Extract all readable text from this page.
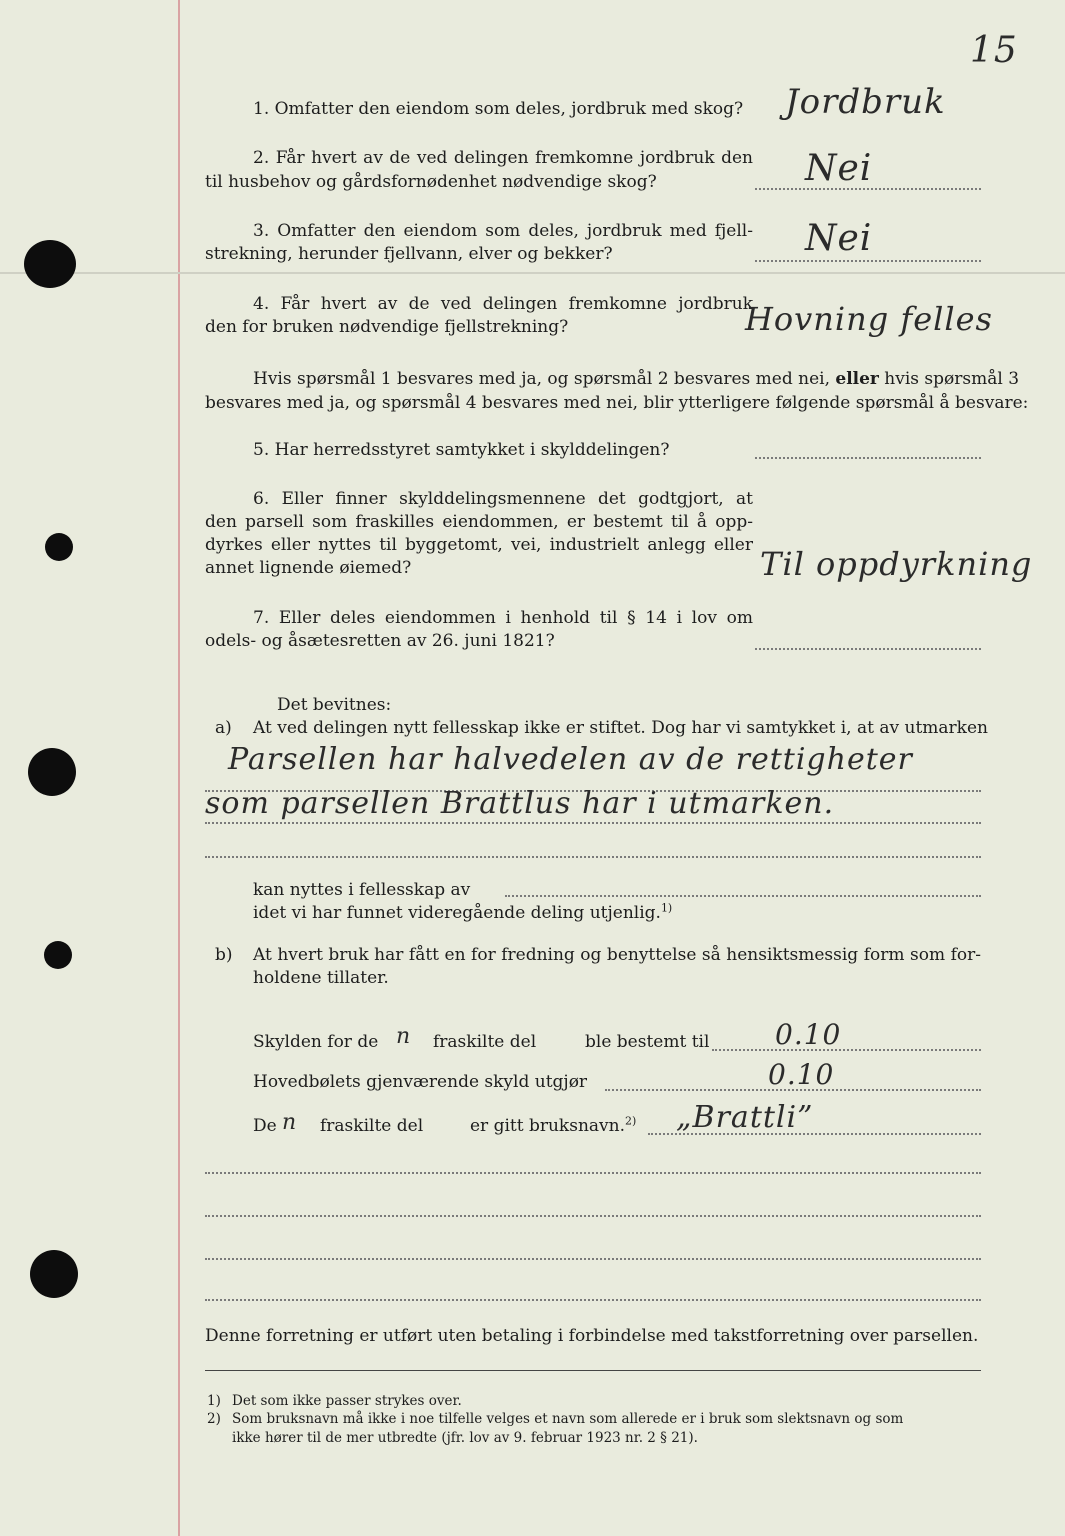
15
1. Omfatter den eiendom som deles, jordbruk med skog? Jordbruk
2. Får hvert av de ved delingen fremkomne jordbruk den
til husbehov og gårdsfornødenhet nødvendige skog?	Nei
3. Omfatter den eiendom som deles, jordbruk med fjell-
strekning, herunder fjellvann, elver og bekker?	Nei
4. Får hvert av de ved delingen fremkomne jordbruk
den for bruken nødvendige fjellstrekning?	Hovning felles
Hvis spørsmål 1 besvares med ja, og spørsmål 2 besvares med nei, eller hvis spørsmål 3
besvares med ja, og spørsmål 4 besvares med nei, blir ytterligere følgende spørsmål å besvare:
5. Har herredsstyret samtykket i skylddelingen?
6. Eller finner skylddelingsmennene det godtgjort, at
den parsell som fraskilles eiendommen, er bestemt til å opp-
dyrkes eller nyttes til byggetomt, vei, industrielt anlegg eller
annet lignende øiemed?	Til oppdyrkning
7. Eller deles eiendommen i henhold til § 14 i lov om
odels- og åsætesretten av 26. juni 1821?
Det bevitnes:
a) At ved delingen nytt fellesskap ikke er stiftet. Dog har vi samtykket i, at av utmarken
Parsellen har halvedelen av de rettigheter
som parsellen Brattlus har i utmarken.
kan nyttes i fellesskap av
idet vi har funnet videregående deling utjenlig.$^{1)}$
b) At hvert bruk har fått en for fredning og benyttelse så hensiktsmessig form som for-
holdene tillater.
Skylden for de n fraskilte del	ble bestemt til 0.10
Hovedbølets gjenværende skyld utgjør	0.10
De n fraskilte del	er gitt bruksnavn.$^{2)}$ „Brattli”
Denne forretning er utført uten betaling i forbindelse med takstforretning over parsellen.
1) Det som ikke passer strykes over.
2) Som bruksnavn må ikke i noe tilfelle velges et navn som allerede er i bruk som slektsnavn og som
ikke hører til de mer utbredte (jfr. lov av 9. februar 1923 nr. 2 § 21).
